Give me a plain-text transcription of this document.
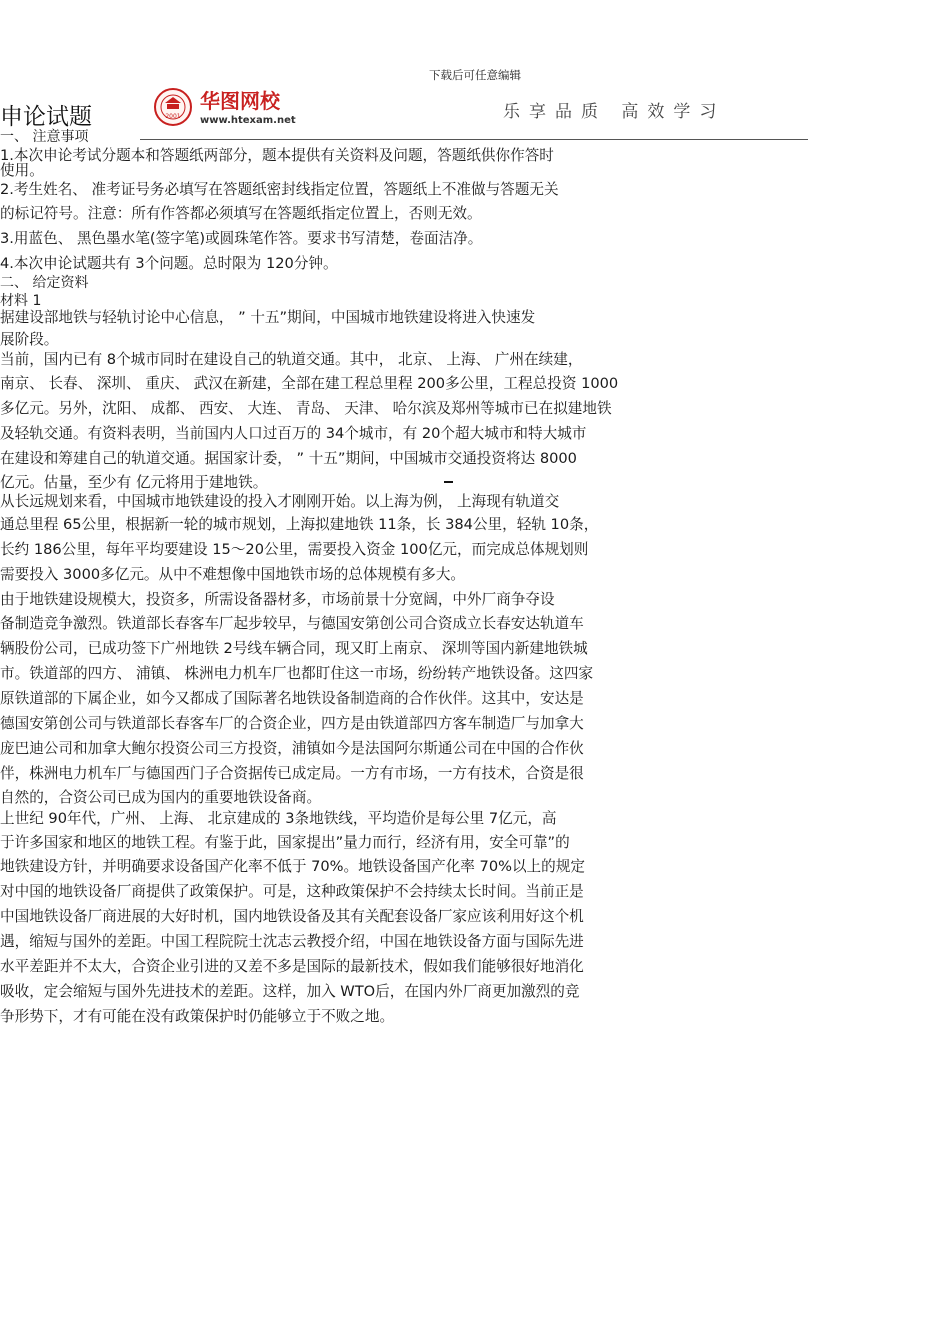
下载后可任意编辑
申论试题	2001
华图网校
www.htexam.net	乐享品质 高效学习
一、 注意事项
1.本次申论考试分题本和答题纸两部分，题本提供有关资料及问题，答题纸供你作答时
使用。
2.考生姓名、 准考证号务必填写在答题纸密封线指定位置，答题纸上不准做与答题无关
的标记符号。注意：所有作答都必须填写在答题纸指定位置上，否则无效。
3.用蓝色、 黑色墨水笔(签字笔)或圆珠笔作答。要求书写清楚，卷面洁净。
4.本次申论试题共有 3个问题。总时限为 120分钟。
二、 给定资料
材料 1
据建设部地铁与轻轨讨论中心信息， ” 十五”期间，中国城市地铁建设将进入快速发
展阶段。
当前，国内已有 8个城市同时在建设自己的轨道交通。其中， 北京、 上海、 广州在续建，
南京、 长春、 深圳、 重庆、 武汉在新建，全部在建工程总里程 200多公里，工程总投资 1000
多亿元。另外，沈阳、 成都、 西安、 大连、 青岛、 天津、 哈尔滨及郑州等城市已在拟建地铁
及轻轨交通。有资料表明，当前国内人口过百万的 34个城市，有 20个超大城市和特大城市
在建设和筹建自己的轨道交通。据国家计委， ” 十五”期间，中国城市交通投资将达 8000
亿元。估量，至少有 亿元将用于建地铁。
从长远规划来看，中国城市地铁建设的投入才刚刚开始。以上海为例， 上海现有轨道交
通总里程 65公里，根据新一轮的城市规划，上海拟建地铁 11条，长 384公里，轻轨 10条，
长约 186公里，每年平均要建设 15～20公里，需要投入资金 100亿元，而完成总体规划则
需要投入 3000多亿元。从中不难想像中国地铁市场的总体规模有多大。
由于地铁建设规模大，投资多，所需设备器材多，市场前景十分宽阔，中外厂商争夺设
备制造竞争激烈。铁道部长春客车厂起步较早，与德国安第创公司合资成立长春安达轨道车
辆股份公司，已成功签下广州地铁 2号线车辆合同，现又盯上南京、 深圳等国内新建地铁城
市。铁道部的四方、 浦镇、 株洲电力机车厂也都盯住这一市场，纷纷转产地铁设备。这四家
原铁道部的下属企业，如今又都成了国际著名地铁设备制造商的合作伙伴。这其中，安达是
德国安第创公司与铁道部长春客车厂的合资企业，四方是由铁道部四方客车制造厂与加拿大
庞巴迪公司和加拿大鲍尔投资公司三方投资，浦镇如今是法国阿尔斯通公司在中国的合作伙
伴，株洲电力机车厂与德国西门子合资据传已成定局。一方有市场，一方有技术，合资是很
自然的，合资公司已成为国内的重要地铁设备商。
上世纪 90年代，广州、 上海、 北京建成的 3条地铁线，平均造价是每公里 7亿元，高
于许多国家和地区的地铁工程。有鉴于此，国家提出”量力而行，经济有用，安全可靠”的
地铁建设方针，并明确要求设备国产化率不低于 70%。地铁设备国产化率 70%以上的规定
对中国的地铁设备厂商提供了政策保护。可是，这种政策保护不会持续太长时间。当前正是
中国地铁设备厂商进展的大好时机，国内地铁设备及其有关配套设备厂家应该利用好这个机
遇，缩短与国外的差距。中国工程院院士沈志云教授介绍，中国在地铁设备方面与国际先进
水平差距并不太大，合资企业引进的又差不多是国际的最新技术，假如我们能够很好地消化
吸收，定会缩短与国外先进技术的差距。这样，加入 WTO后，在国内外厂商更加激烈的竞
争形势下，才有可能在没有政策保护时仍能够立于不败之地。
